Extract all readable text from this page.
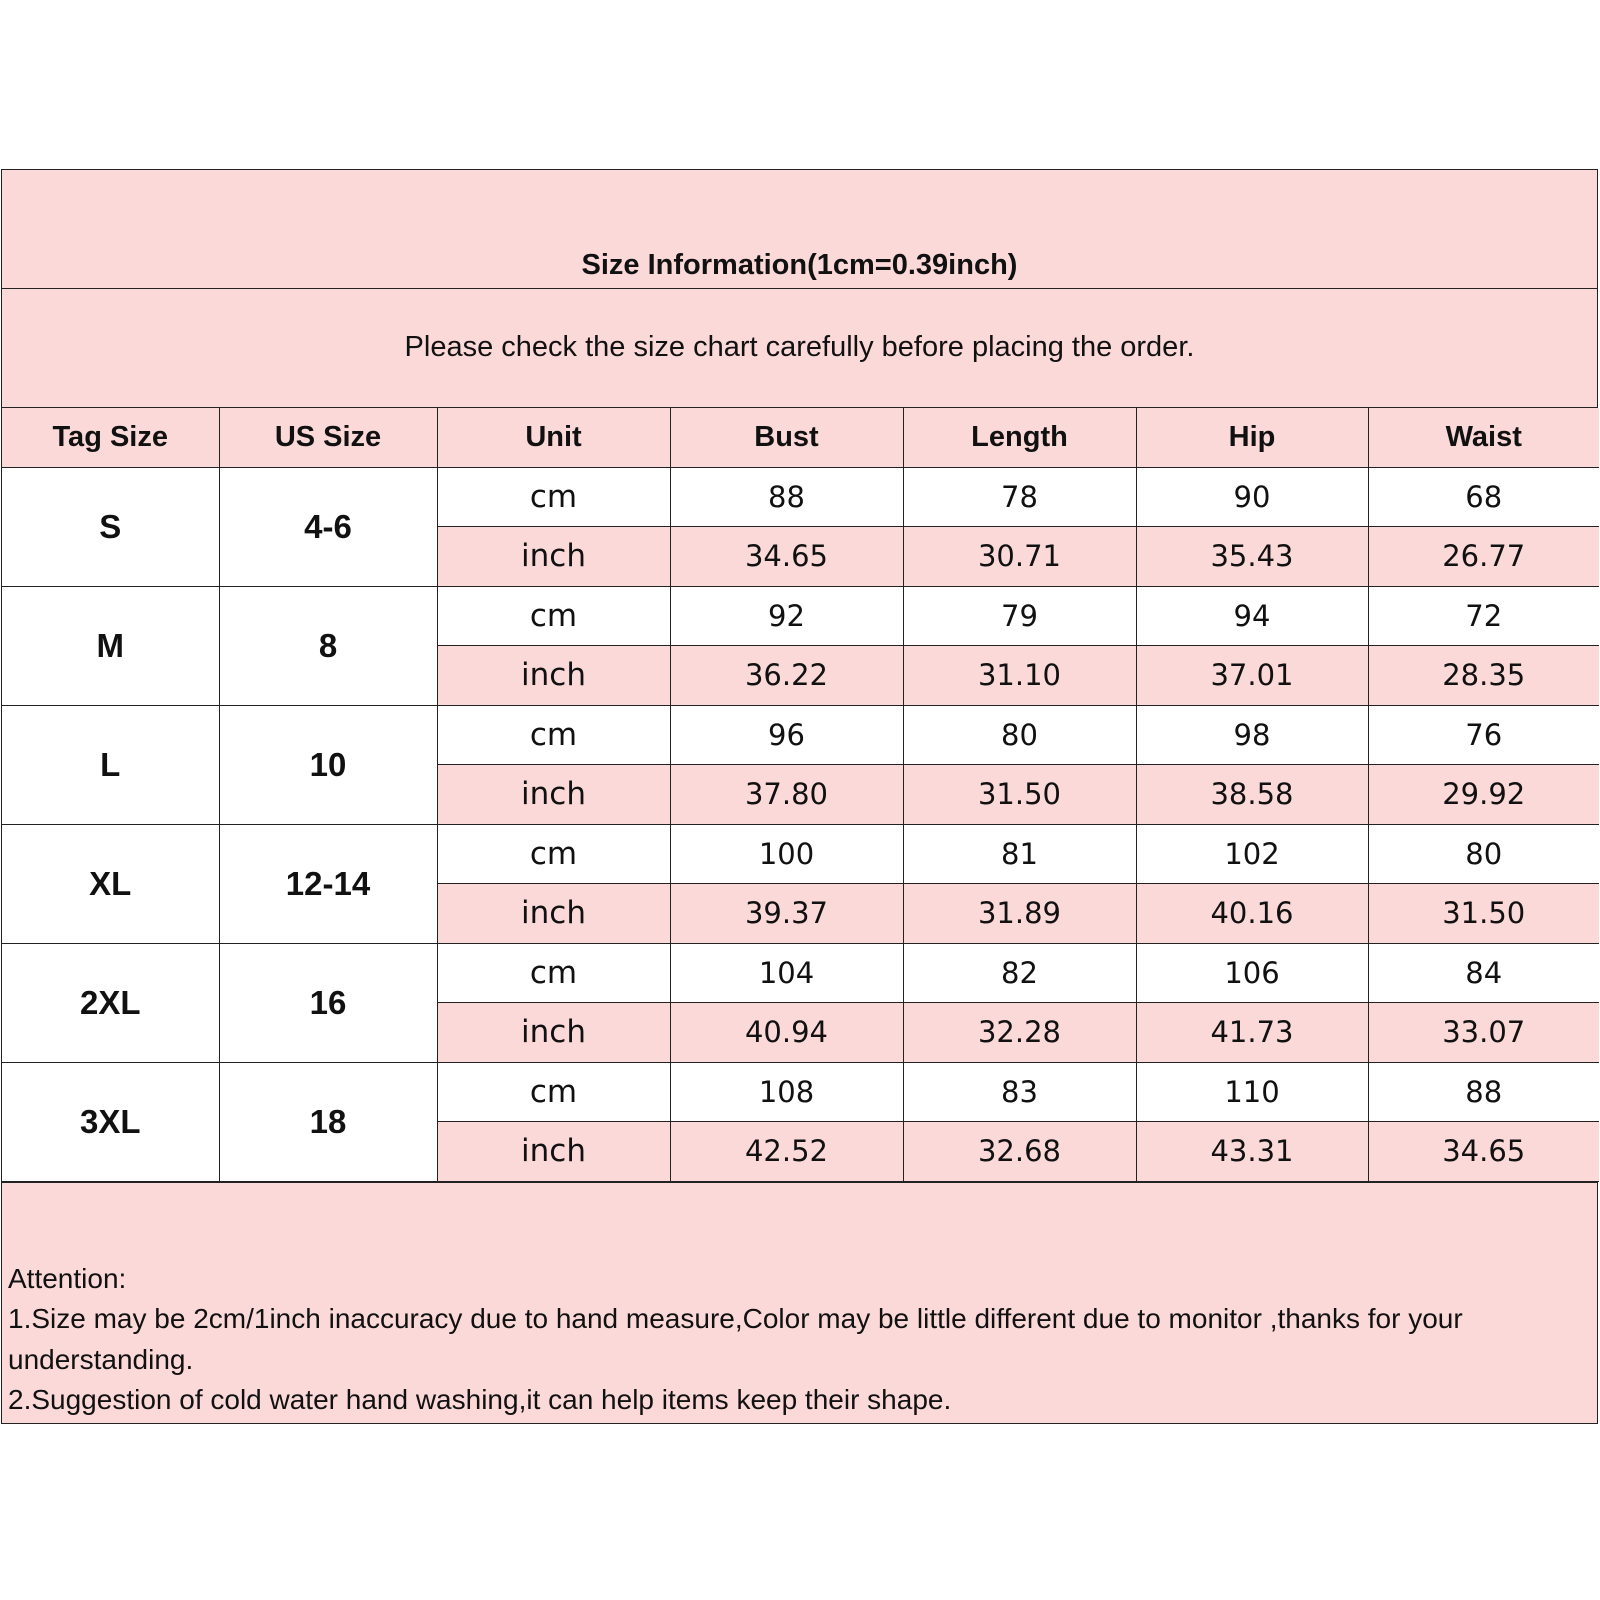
Size Information(1cm=0.39inch)
Please check the size chart carefully before placing the order.
Tag Size	US Size	Unit	Bust	Length	Hip	Waist
S	4-6	cm	88	78	90	68
		inch	34.65	30.71	35.43	26.77
M	8	cm	92	79	94	72
		inch	36.22	31.10	37.01	28.35
L	10	cm	96	80	98	76
		inch	37.80	31.50	38.58	29.92
XL	12-14	cm	100	81	102	80
		inch	39.37	31.89	40.16	31.50
2XL	16	cm	104	82	106	84
		inch	40.94	32.28	41.73	33.07
3XL	18	cm	108	83	110	88
		inch	42.52	32.68	43.31	34.65
Attention:
1.Size may be 2cm/1inch inaccuracy due to hand measure,Color may be little different due to monitor ,thanks for your understanding.
2.Suggestion of cold water hand washing,it can help items keep their shape.
